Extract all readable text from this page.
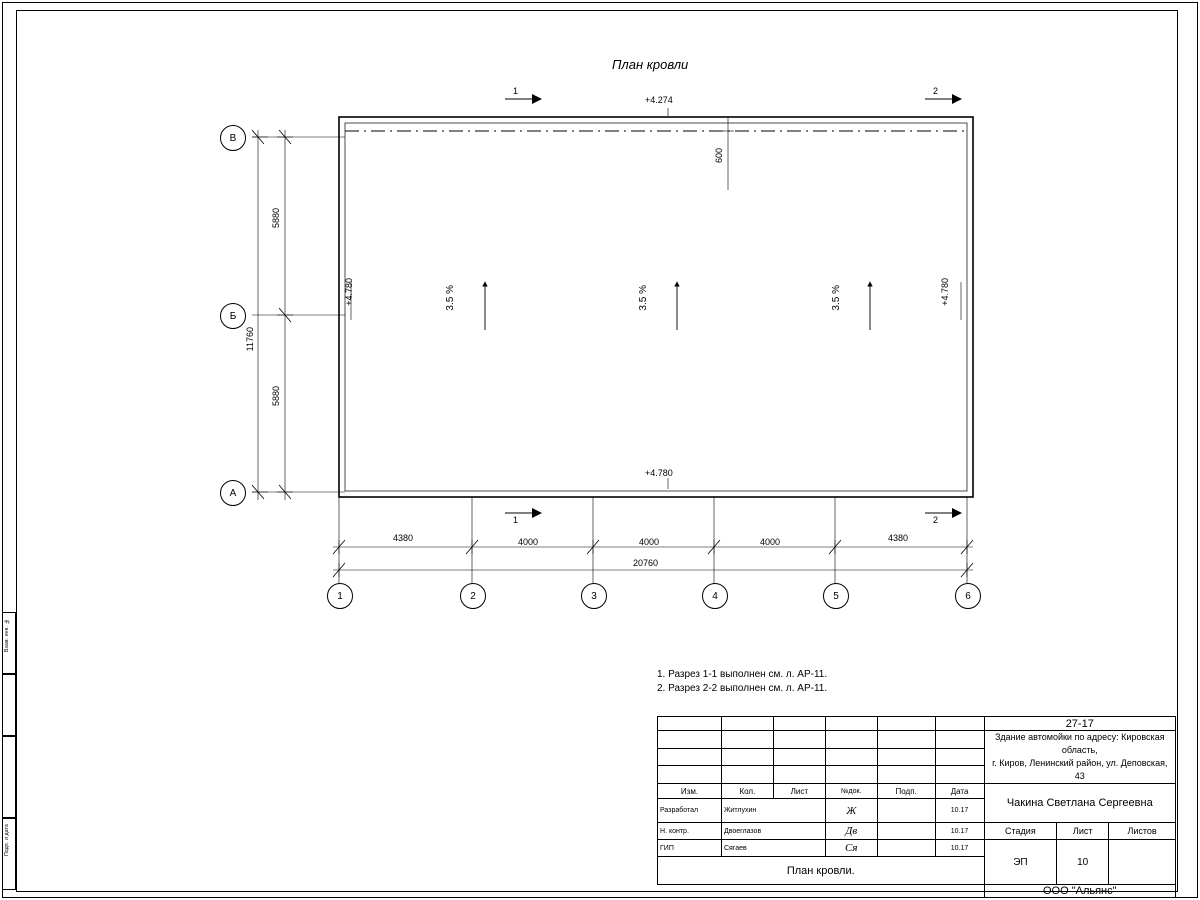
Взам. инв. №
Подп. и дата
План кровли
В
Б
А
1	2	3	4	5	6
5880
5880
11760
4380	4000	4000	4000	4380
20760
600
+4.274
+4.780	+4.780
+4.780
3.5 %	3.5 %	3.5 %
1	2
1	2
1. Разрез 1-1 выполнен см. л. АР-11.
2. Разрез 2-2 выполнен см. л. АР-11.
						27-17		

						Здание автомойки по адресу: Кировская область,
г. Киров, Ленинский район, ул. Деповская, 43		

Изм.	Кол.	Лист	№док.	Подп.	Дата	Чакина Светлана Сергеевна		
Разработал	Житлухин		Ж		10.17			
Н. контр.	Двоеглазов		Дв		10.17	Стадия	Лист	Листов
ГИП	Сягаев		Ся		10.17	ЭП	10	
План кровли.								
						ООО "Альянс"		
